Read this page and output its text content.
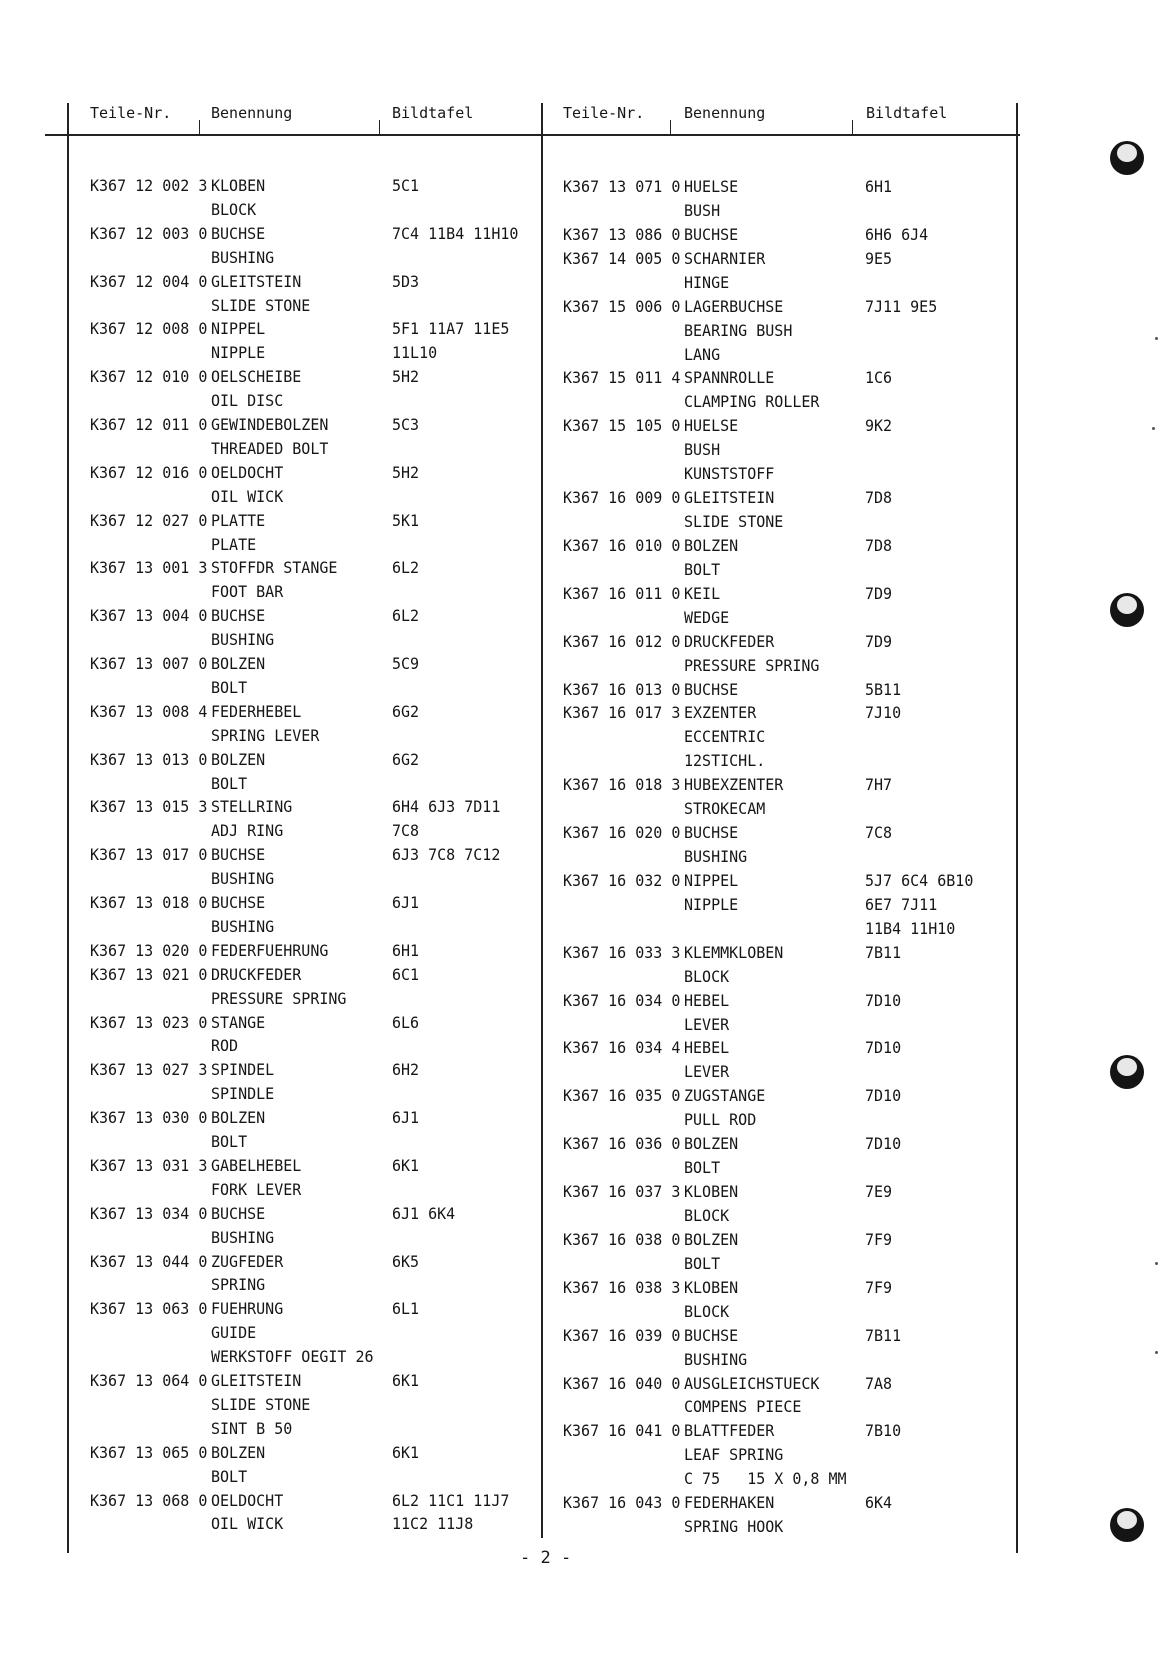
Teile-Nr.	Benennung	Bildtafel	Teile-Nr.	Benennung	Bildtafel
K367 12 002 3 KLOBEN	5C1
BLOCK
K367 12 003 0 BUCHSE	7C4 11B4 11H10
BUSHING
K367 12 004 0 GLEITSTEIN	5D3
SLIDE STONE
K367 12 008 0 NIPPEL	5F1 11A7 11E5
NIPPLE	11L10
K367 12 010 0 OELSCHEIBE	5H2
OIL DISC
K367 12 011 0 GEWINDEBOLZEN	5C3
THREADED BOLT
K367 12 016 0 OELDOCHT	5H2
OIL WICK
K367 12 027 0 PLATTE	5K1
PLATE
K367 13 001 3 STOFFDR STANGE	6L2
FOOT BAR
K367 13 004 0 BUCHSE	6L2
BUSHING
K367 13 007 0 BOLZEN	5C9
BOLT
K367 13 008 4 FEDERHEBEL	6G2
SPRING LEVER
K367 13 013 0 BOLZEN	6G2
BOLT
K367 13 015 3 STELLRING	6H4 6J3 7D11
ADJ RING	7C8
K367 13 017 0 BUCHSE	6J3 7C8 7C12
BUSHING
K367 13 018 0 BUCHSE	6J1
BUSHING
K367 13 020 0 FEDERFUEHRUNG	6H1
K367 13 021 0 DRUCKFEDER	6C1
PRESSURE SPRING
K367 13 023 0 STANGE	6L6
ROD
K367 13 027 3 SPINDEL	6H2
SPINDLE
K367 13 030 0 BOLZEN	6J1
BOLT
K367 13 031 3 GABELHEBEL	6K1
FORK LEVER
K367 13 034 0 BUCHSE	6J1 6K4
BUSHING
K367 13 044 0 ZUGFEDER	6K5
SPRING
K367 13 063 0 FUEHRUNG	6L1
GUIDE
WERKSTOFF OEGIT 26
K367 13 064 0 GLEITSTEIN	6K1
SLIDE STONE
SINT B 50
K367 13 065 0 BOLZEN	6K1
BOLT
K367 13 068 0 OELDOCHT	6L2 11C1 11J7
OIL WICK	11C2 11J8
K367 13 071 0 HUELSE	6H1
BUSH
K367 13 086 0 BUCHSE	6H6 6J4
K367 14 005 0 SCHARNIER	9E5
HINGE
K367 15 006 0 LAGERBUCHSE	7J11 9E5
BEARING BUSH
LANG
K367 15 011 4 SPANNROLLE	1C6
CLAMPING ROLLER
K367 15 105 0 HUELSE	9K2
BUSH
KUNSTSTOFF
K367 16 009 0 GLEITSTEIN	7D8
SLIDE STONE
K367 16 010 0 BOLZEN	7D8
BOLT
K367 16 011 0 KEIL	7D9
WEDGE
K367 16 012 0 DRUCKFEDER	7D9
PRESSURE SPRING
K367 16 013 0 BUCHSE	5B11
K367 16 017 3 EXZENTER	7J10
ECCENTRIC
12STICHL.
K367 16 018 3 HUBEXZENTER	7H7
STROKECAM
K367 16 020 0 BUCHSE	7C8
BUSHING
K367 16 032 0 NIPPEL	5J7 6C4 6B10
NIPPLE	6E7 7J11
11B4 11H10
K367 16 033 3 KLEMMKLOBEN	7B11
BLOCK
K367 16 034 0 HEBEL	7D10
LEVER
K367 16 034 4 HEBEL	7D10
LEVER
K367 16 035 0 ZUGSTANGE	7D10
PULL ROD
K367 16 036 0 BOLZEN	7D10
BOLT
K367 16 037 3 KLOBEN	7E9
BLOCK
K367 16 038 0 BOLZEN	7F9
BOLT
K367 16 038 3 KLOBEN	7F9
BLOCK
K367 16 039 0 BUCHSE	7B11
BUSHING
K367 16 040 0 AUSGLEICHSTUECK	7A8
COMPENS PIECE
K367 16 041 0 BLATTFEDER	7B10
LEAF SPRING
C 75   15 X 0,8 MM
K367 16 043 0 FEDERHAKEN	6K4
SPRING HOOK
- 2 -
